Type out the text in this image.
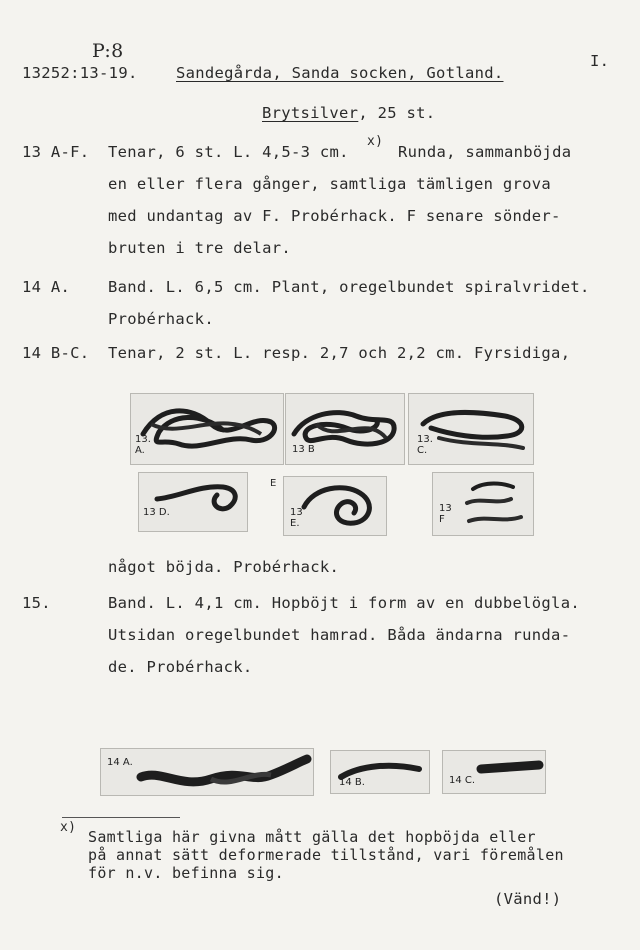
P:8	I.
13252:13-19. Sandegårda, Sanda socken, Gotland.
Brytsilver, 25 st.
13 A-F. Tenar, 6 st. L. 4,5-3 cm.
x)
Runda, sammanböjda
en eller flera gånger, samtliga tämligen grova
med undantag av F. Probérhack. F senare sönder-
bruten i tre delar.
14 A. Band. L. 6,5 cm. Plant, oregelbundet spiralvridet.
Probérhack.
14 B-C. Tenar, 2 st. L. resp. 2,7 och 2,2 cm. Fyrsidiga,
13.
A.	13 B
13.
C.
13 D.
E
13
E.
13
F
något böjda. Probérhack.
15.	Band. L. 4,1 cm. Hopböjt i form av en dubbelögla.
Utsidan oregelbundet hamrad. Båda ändarna runda-
de. Probérhack.
14 A.
14 B.	14 C.
x)
Samtliga här givna mått gälla det hopböjda eller
på annat sätt deformerade tillstånd, vari föremålen
för n.v. befinna sig.
(Vänd!)
